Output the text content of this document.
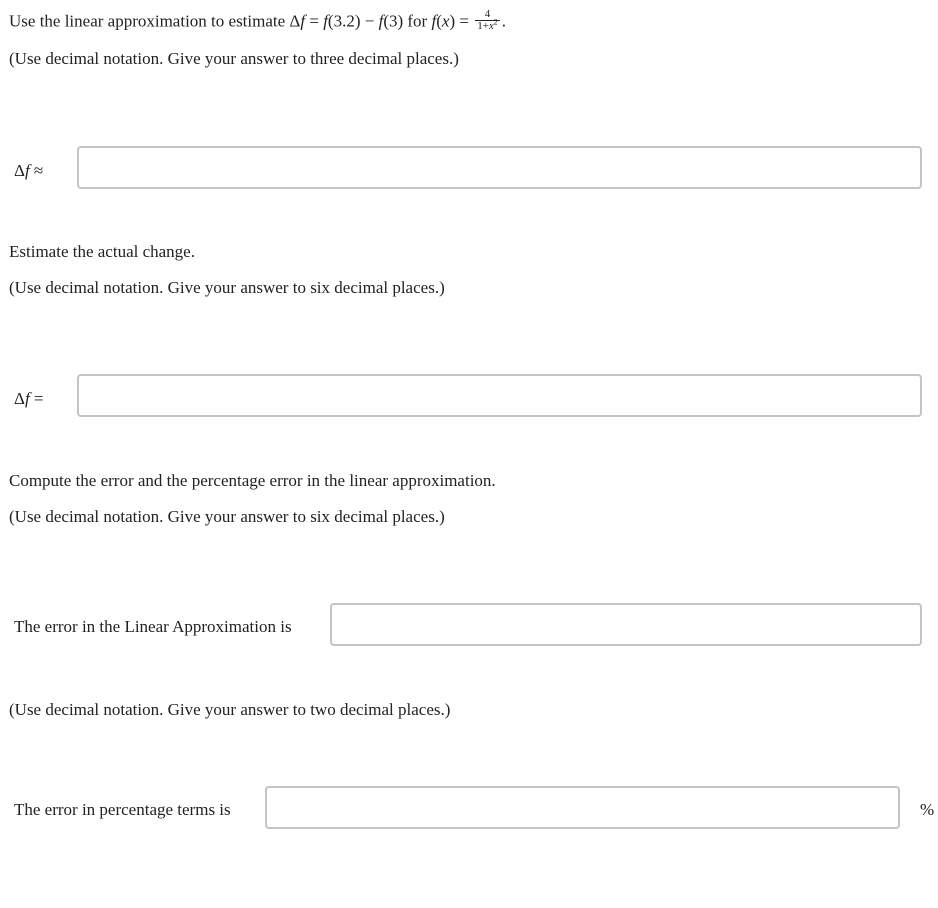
Use the linear approximation to estimate Δf = f(3.2) − f(3) for $f(x) = \frac{4}{1+x^2}$ .
(Use decimal notation. Give your answer to three decimal places.)
Δf ≈
Estimate the actual change.
(Use decimal notation. Give your answer to six decimal places.)
Δf =
Compute the error and the percentage error in the linear approximation.
(Use decimal notation. Give your answer to six decimal places.)
The error in the Linear Approximation is
(Use decimal notation. Give your answer to two decimal places.)
The error in percentage terms is	%
